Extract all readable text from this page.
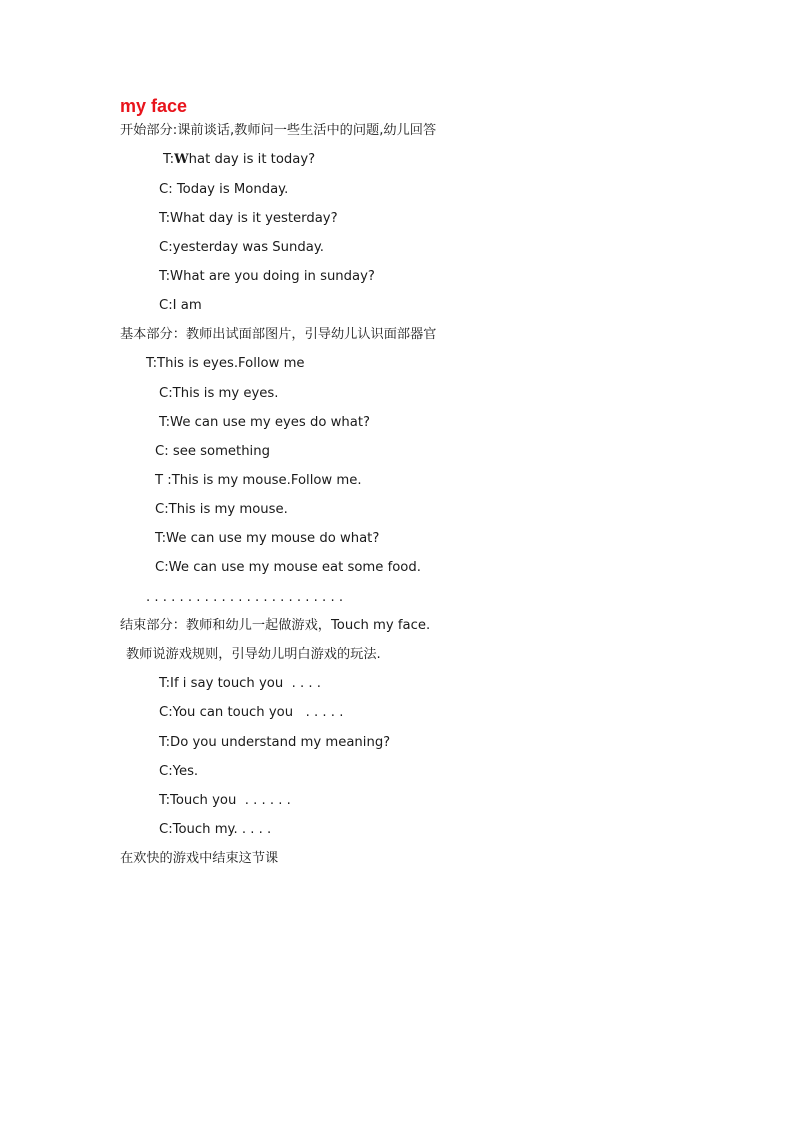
my face

开始部分:课前谈话,教师问一些生活中的问题,幼儿回答

T:What day is it today?

C: Today is Monday.

T:What day is it yesterday?

C:yesterday was Sunday.

T:What are you doing in sunday?

C:I am

基本部分：教师出试面部图片，引导幼儿认识面部器官

T:This is eyes.Follow me

C:This is my eyes.

T:We can use my eyes do what?

C: see something

T :This is my mouse.Follow me.

C:This is my mouse.

T:We can use my mouse do what?

C:We can use my mouse eat some food.

. . . . . . . . . . . . . . . . . . . . . . . .

结束部分：教师和幼儿一起做游戏，Touch my face.

教师说游戏规则，引导幼儿明白游戏的玩法.

T:If i say touch you  . . . .

C:You can touch you   . . . . .

T:Do you understand my meaning?

C:Yes.

T:Touch you  . . . . . .

C:Touch my. . . . .

在欢快的游戏中结束这节课
